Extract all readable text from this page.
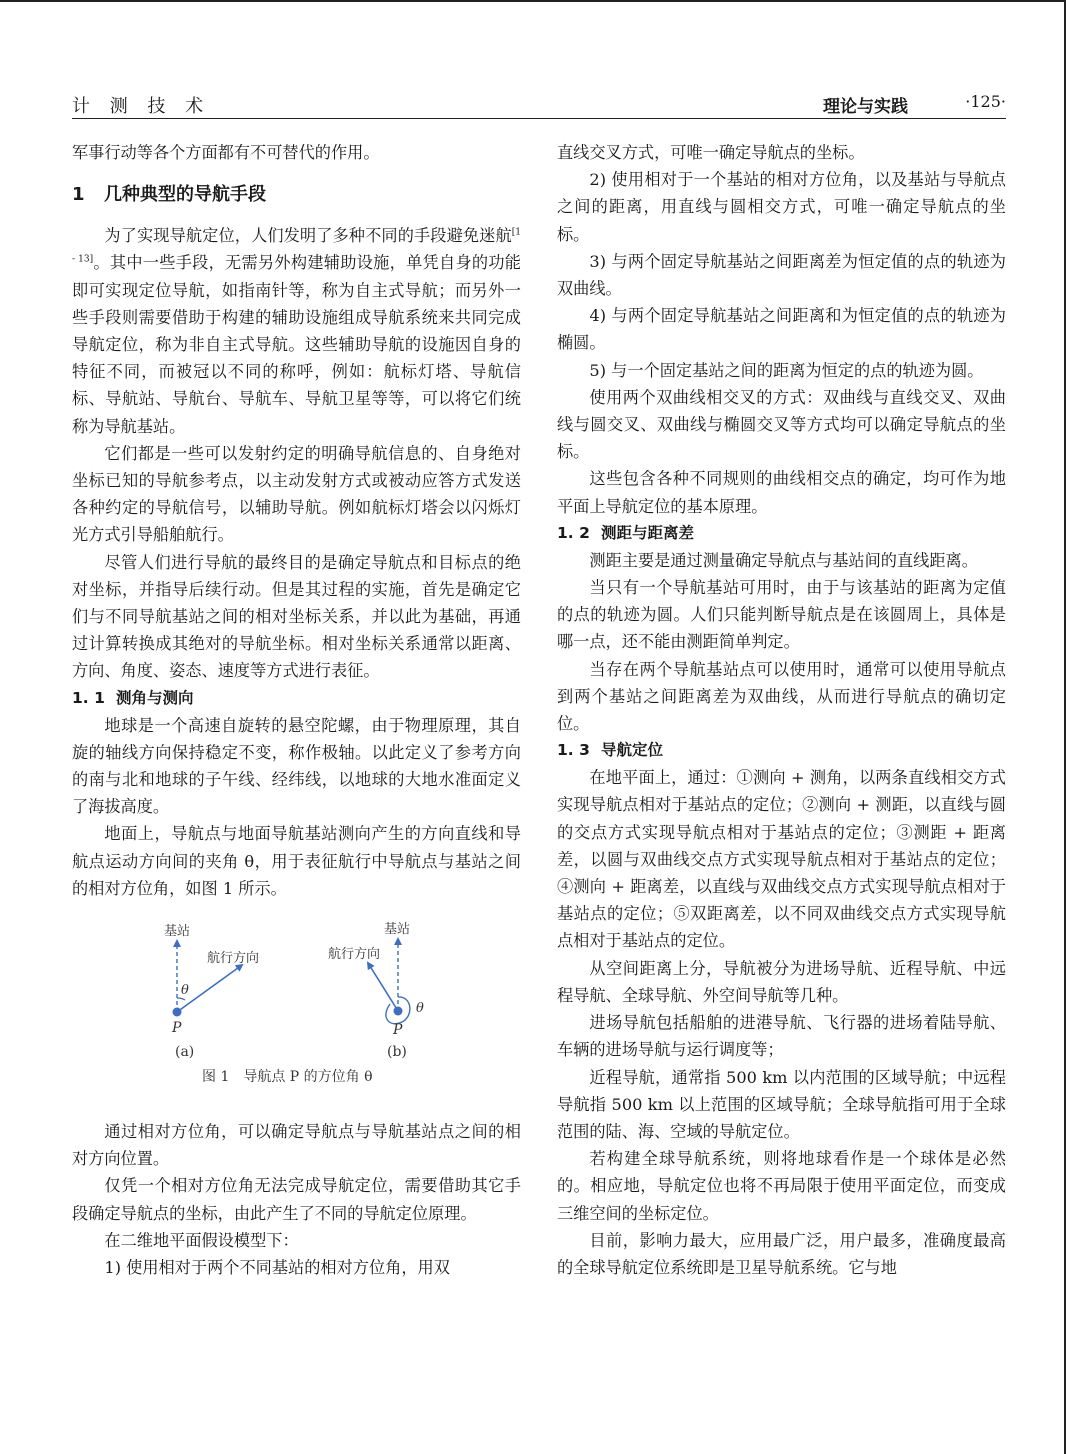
计 测 技 术	理论与实践	·125·

军事行动等各个方面都有不可替代的作用。

1 几种典型的导航手段

为了实现导航定位，人们发明了多种不同的手段避免迷航[1 - 13]。其中一些手段，无需另外构建辅助设施，单凭自身的功能即可实现定位导航，如指南针等，称为自主式导航；而另外一些手段则需要借助于构建的辅助设施组成导航系统来共同完成导航定位，称为非自主式导航。这些辅助导航的设施因自身的特征不同，而被冠以不同的称呼，例如：航标灯塔、导航信标、导航站、导航台、导航车、导航卫星等等，可以将它们统称为导航基站。

它们都是一些可以发射约定的明确导航信息的、自身绝对坐标已知的导航参考点，以主动发射方式或被动应答方式发送各种约定的导航信号，以辅助导航。例如航标灯塔会以闪烁灯光方式引导船舶航行。

尽管人们进行导航的最终目的是确定导航点和目标点的绝对坐标，并指导后续行动。但是其过程的实施，首先是确定它们与不同导航基站之间的相对坐标关系，并以此为基础，再通过计算转换成其绝对的导航坐标。相对坐标关系通常以距离、方向、角度、姿态、速度等方式进行表征。

1. 1 测角与测向

地球是一个高速自旋转的悬空陀螺，由于物理原理，其自旋的轴线方向保持稳定不变，称作极轴。以此定义了参考方向的南与北和地球的子午线、经纬线，以地球的大地水准面定义了海拔高度。

地面上，导航点与地面导航基站测向产生的方向直线和导航点运动方向间的夹角 θ，用于表征航行中导航点与基站之间的相对方位角，如图 1 所示。

基站
航行方向
θ
P
(a)
基站
航行方向
θ
P
(b)
图 1　导航点 P 的方位角 θ

通过相对方位角，可以确定导航点与导航基站点之间的相对方向位置。

仅凭一个相对方位角无法完成导航定位，需要借助其它手段确定导航点的坐标，由此产生了不同的导航定位原理。

在二维地平面假设模型下：

1) 使用相对于两个不同基站的相对方位角，用双

直线交叉方式，可唯一确定导航点的坐标。

2) 使用相对于一个基站的相对方位角，以及基站与导航点之间的距离，用直线与圆相交方式，可唯一确定导航点的坐标。

3) 与两个固定导航基站之间距离差为恒定值的点的轨迹为双曲线。

4) 与两个固定导航基站之间距离和为恒定值的点的轨迹为椭圆。

5) 与一个固定基站之间的距离为恒定的点的轨迹为圆。

使用两个双曲线相交叉的方式：双曲线与直线交叉、双曲线与圆交叉、双曲线与椭圆交叉等方式均可以确定导航点的坐标。

这些包含各种不同规则的曲线相交点的确定，均可作为地平面上导航定位的基本原理。

1. 2 测距与距离差

测距主要是通过测量确定导航点与基站间的直线距离。

当只有一个导航基站可用时，由于与该基站的距离为定值的点的轨迹为圆。人们只能判断导航点是在该圆周上，具体是哪一点，还不能由测距简单判定。

当存在两个导航基站点可以使用时，通常可以使用导航点到两个基站之间距离差为双曲线，从而进行导航点的确切定位。

1. 3 导航定位

在地平面上，通过：①测向 + 测角，以两条直线相交方式实现导航点相对于基站点的定位；②测向 + 测距，以直线与圆的交点方式实现导航点相对于基站点的定位；③测距 + 距离差，以圆与双曲线交点方式实现导航点相对于基站点的定位；④测向 + 距离差，以直线与双曲线交点方式实现导航点相对于基站点的定位；⑤双距离差，以不同双曲线交点方式实现导航点相对于基站点的定位。

从空间距离上分，导航被分为进场导航、近程导航、中远程导航、全球导航、外空间导航等几种。

进场导航包括船舶的进港导航、飞行器的进场着陆导航、车辆的进场导航与运行调度等；

近程导航，通常指 500 km 以内范围的区域导航；中远程导航指 500 km 以上范围的区域导航；全球导航指可用于全球范围的陆、海、空域的导航定位。

若构建全球导航系统，则将地球看作是一个球体是必然的。相应地，导航定位也将不再局限于使用平面定位，而变成三维空间的坐标定位。

目前，影响力最大，应用最广泛，用户最多，准确度最高的全球导航定位系统即是卫星导航系统。它与地
